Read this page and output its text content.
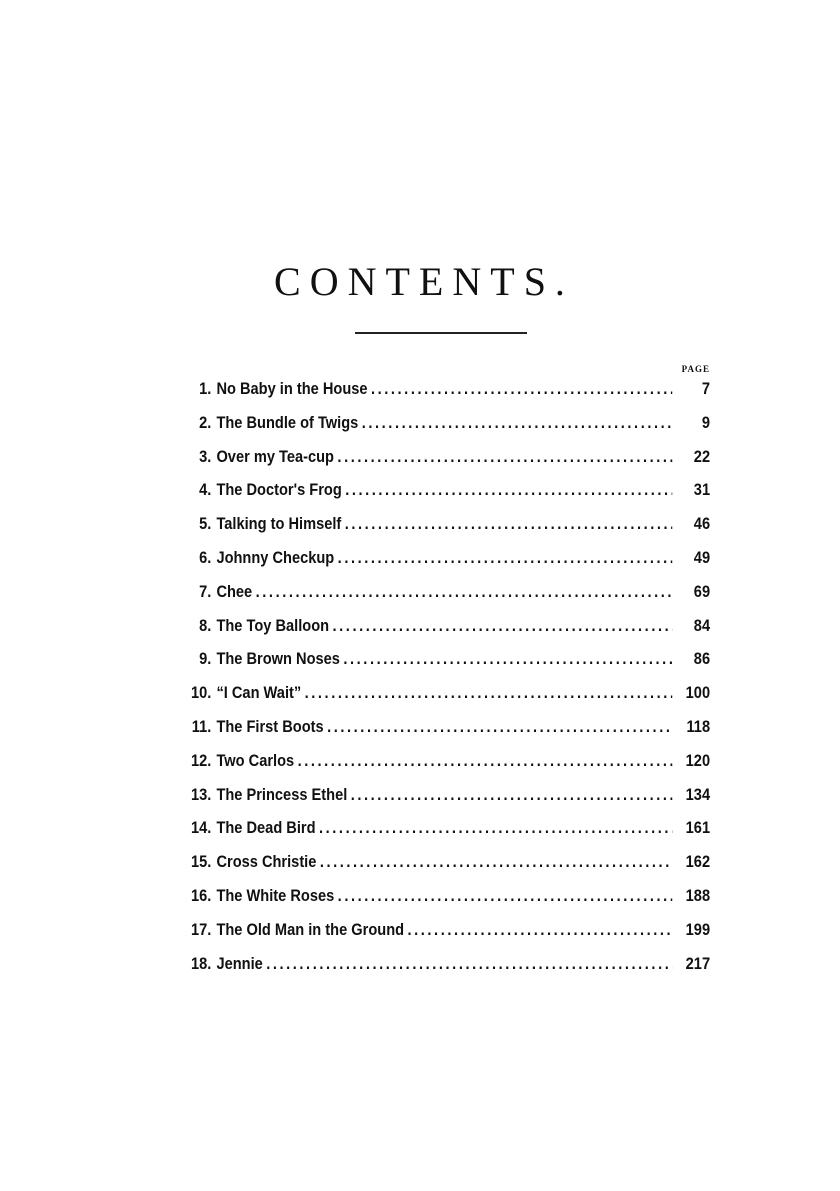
CONTENTS.
PAGE
1. No Baby in the House .....	7
2. The Bundle of Twigs .....	9
3. Over my Tea-cup .....	22
4. The Doctor's Frog .....	31
5. Talking to Himself .....	46
6. Johnny Checkup .....	49
7. Chee .....	69
8. The Toy Balloon .....	84
9. The Brown Noses .....	86
10. “I Can Wait” .....	100
11. The First Boots .....	118
12. Two Carlos .....	120
13. The Princess Ethel .....	134
14. The Dead Bird .....	161
15. Cross Christie .....	162
16. The White Roses .....	188
17. The Old Man in the Ground .....	199
18. Jennie .....	217
